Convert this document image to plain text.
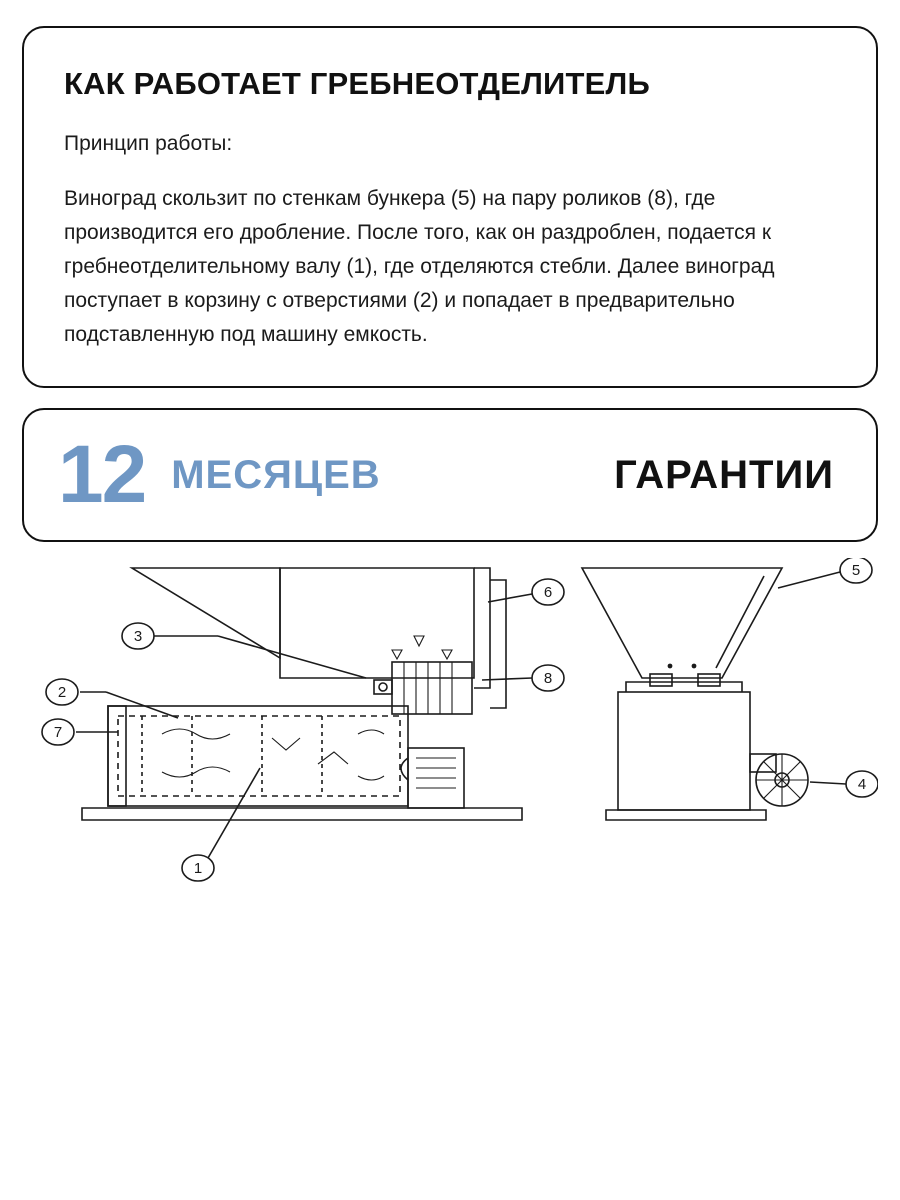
КАК РАБОТАЕТ ГРЕБНЕОТДЕЛИТЕЛЬ

Принцип работы:

Виноград скользит по стенкам бункера (5) на пару роликов (8), где производится его дробление. После того, как он раздроблен, подается к гребнеотделительному валу (1), где отделяются стебли. Далее виноград поступает в корзину с отверстиями (2) и попадает в предварительно подставленную под машину емкость.

12 МЕСЯЦЕВ	ГАРАНТИИ
1
2
3
4
5
6
7
8
